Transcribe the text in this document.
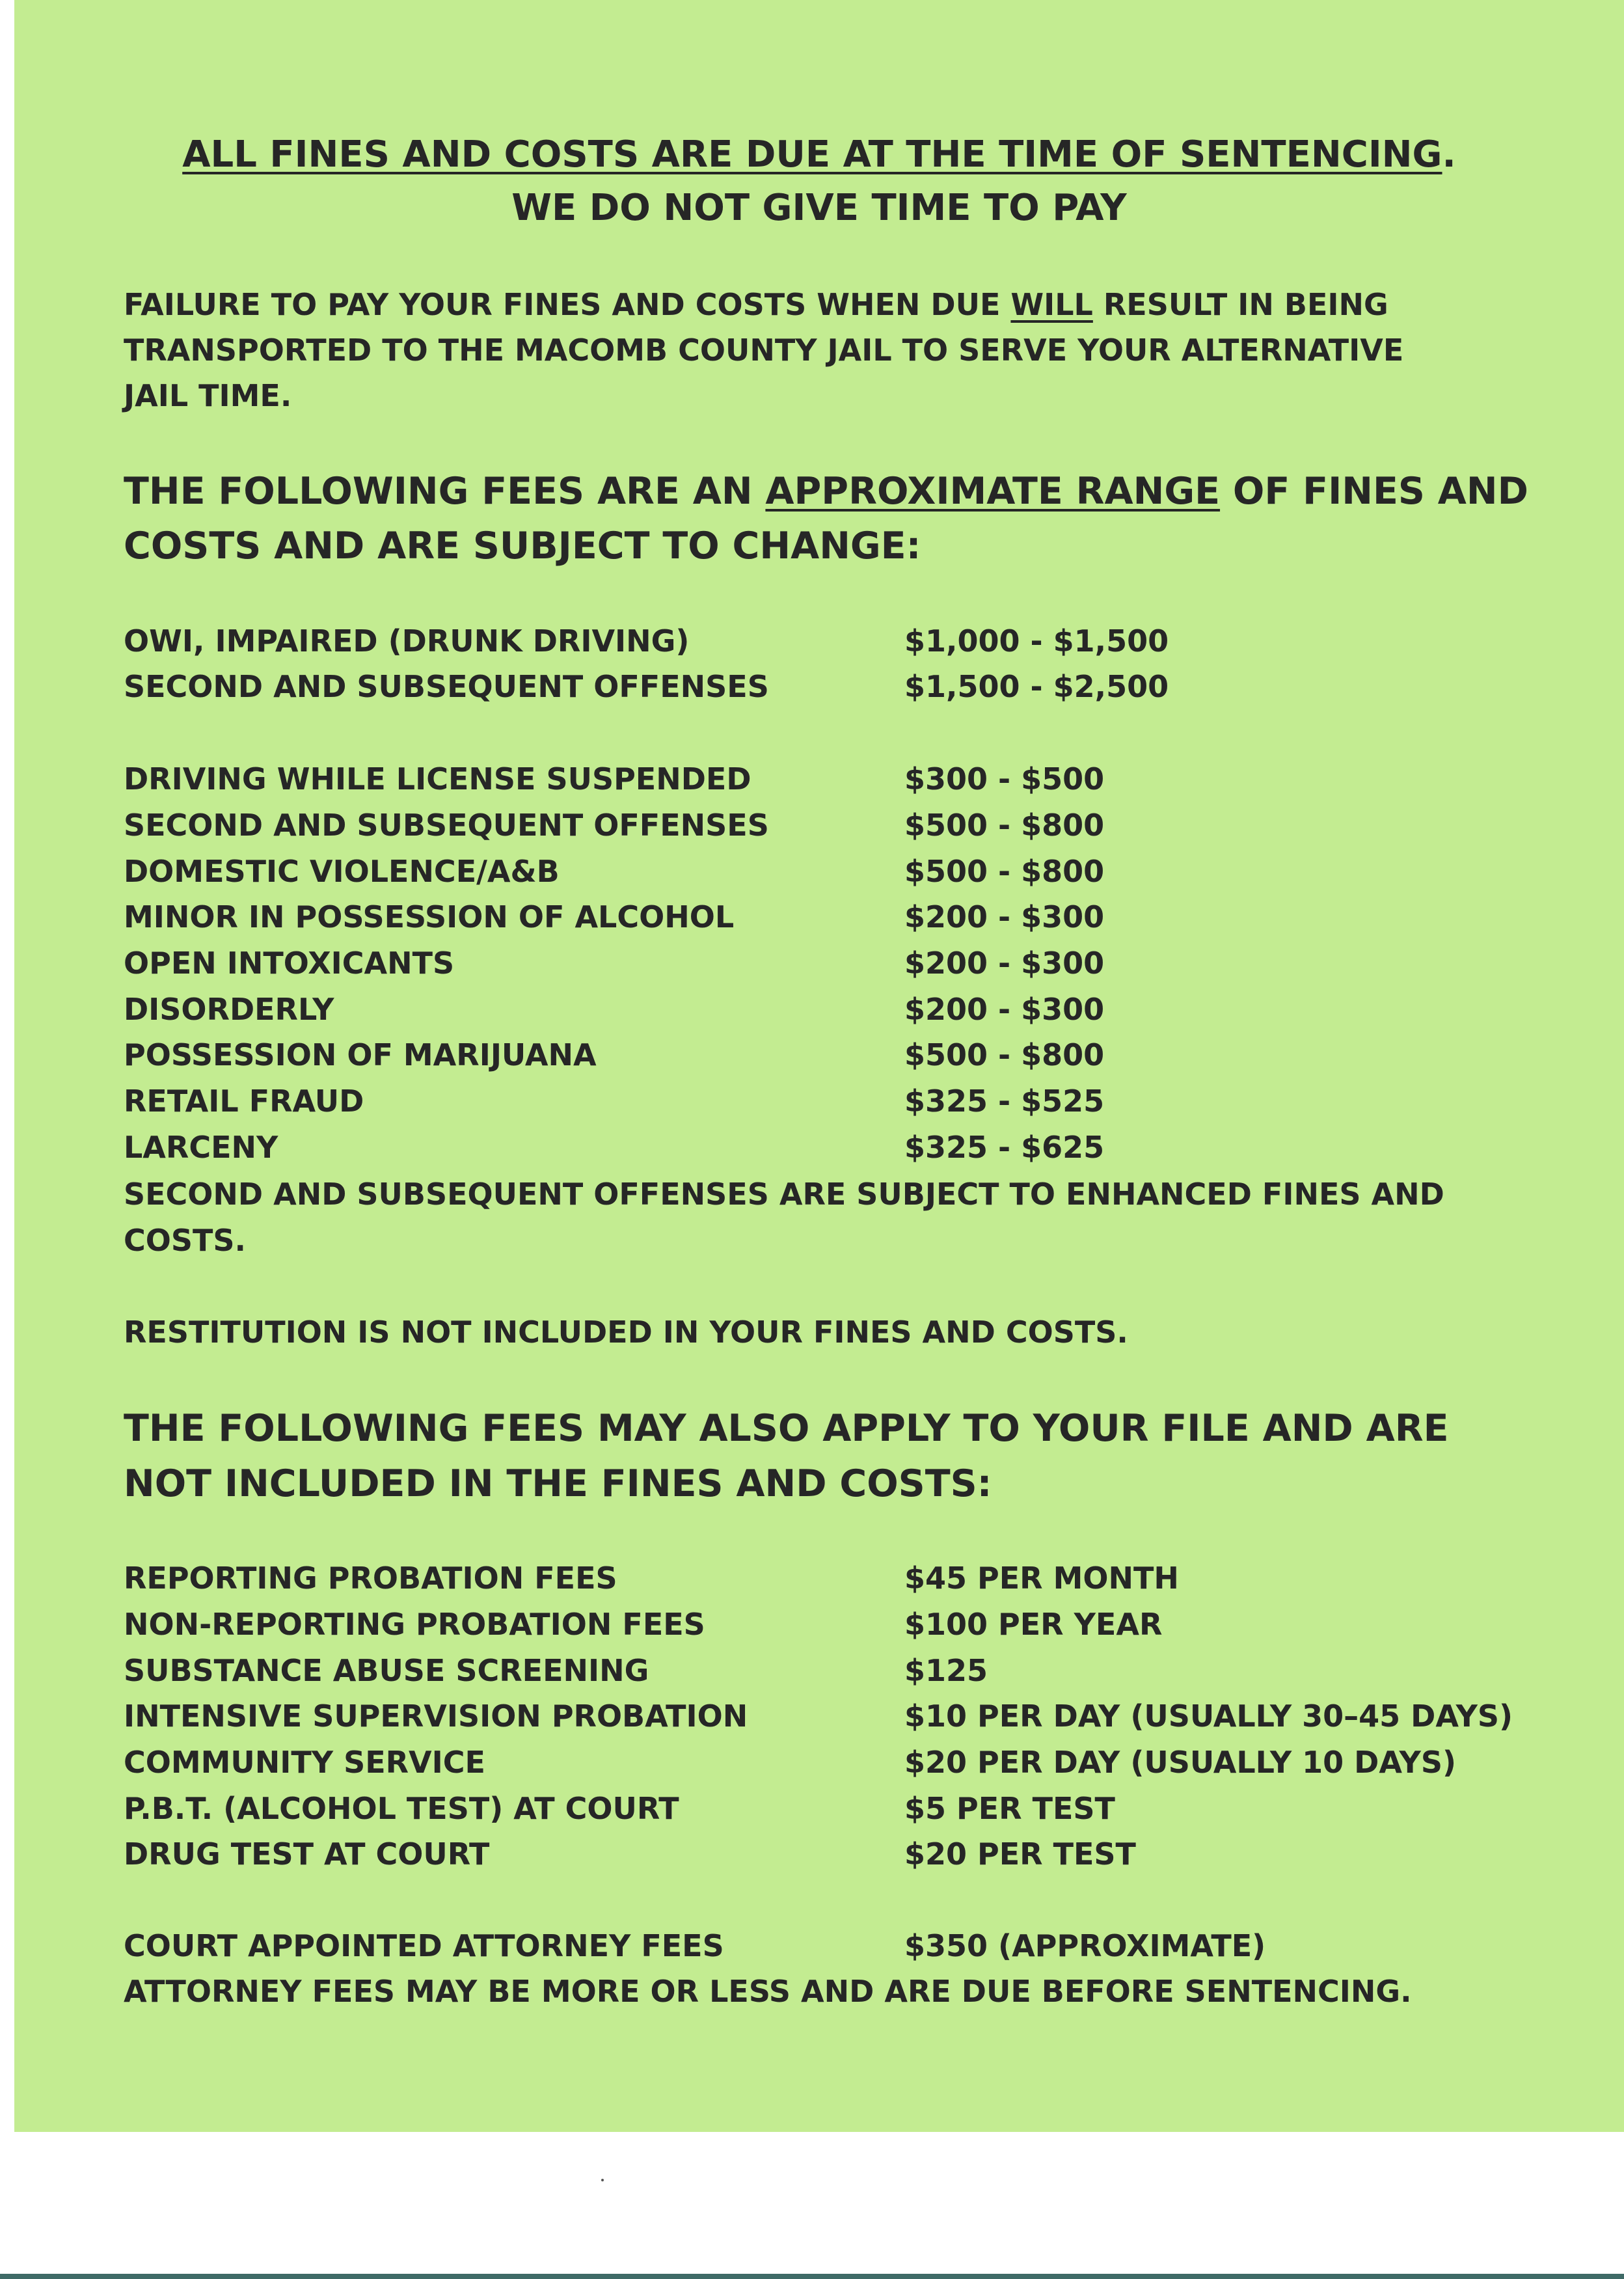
ALL FINES AND COSTS ARE DUE AT THE TIME OF SENTENCING.
WE DO NOT GIVE TIME TO PAY
FAILURE TO PAY YOUR FINES AND COSTS WHEN DUE WILL RESULT IN BEING
TRANSPORTED TO THE MACOMB COUNTY JAIL TO SERVE YOUR ALTERNATIVE
JAIL TIME.
THE FOLLOWING FEES ARE AN APPROXIMATE RANGE OF FINES AND
COSTS AND ARE SUBJECT TO CHANGE:
OWI, IMPAIRED (DRUNK DRIVING)	$1,000 - $1,500
SECOND AND SUBSEQUENT OFFENSES	$1,500 - $2,500
DRIVING WHILE LICENSE SUSPENDED	$300 - $500
SECOND AND SUBSEQUENT OFFENSES	$500 - $800
DOMESTIC VIOLENCE/A&B	$500 - $800
MINOR IN POSSESSION OF ALCOHOL	$200 - $300
OPEN INTOXICANTS	$200 - $300
DISORDERLY	$200 - $300
POSSESSION OF MARIJUANA	$500 - $800
RETAIL FRAUD	$325 - $525
LARCENY	$325 - $625
SECOND AND SUBSEQUENT OFFENSES ARE SUBJECT TO ENHANCED FINES AND
COSTS.
RESTITUTION IS NOT INCLUDED IN YOUR FINES AND COSTS.
THE FOLLOWING FEES MAY ALSO APPLY TO YOUR FILE AND ARE
NOT INCLUDED IN THE FINES AND COSTS:
REPORTING PROBATION FEES	$45 PER MONTH
NON-REPORTING PROBATION FEES	$100 PER YEAR
SUBSTANCE ABUSE SCREENING	$125
INTENSIVE SUPERVISION PROBATION	$10 PER DAY (USUALLY 30–45 DAYS)
COMMUNITY SERVICE	$20 PER DAY (USUALLY 10 DAYS)
P.B.T. (ALCOHOL TEST) AT COURT	$5 PER TEST
DRUG TEST AT COURT	$20 PER TEST
COURT APPOINTED ATTORNEY FEES	$350 (APPROXIMATE)
ATTORNEY FEES MAY BE MORE OR LESS AND ARE DUE BEFORE SENTENCING.
